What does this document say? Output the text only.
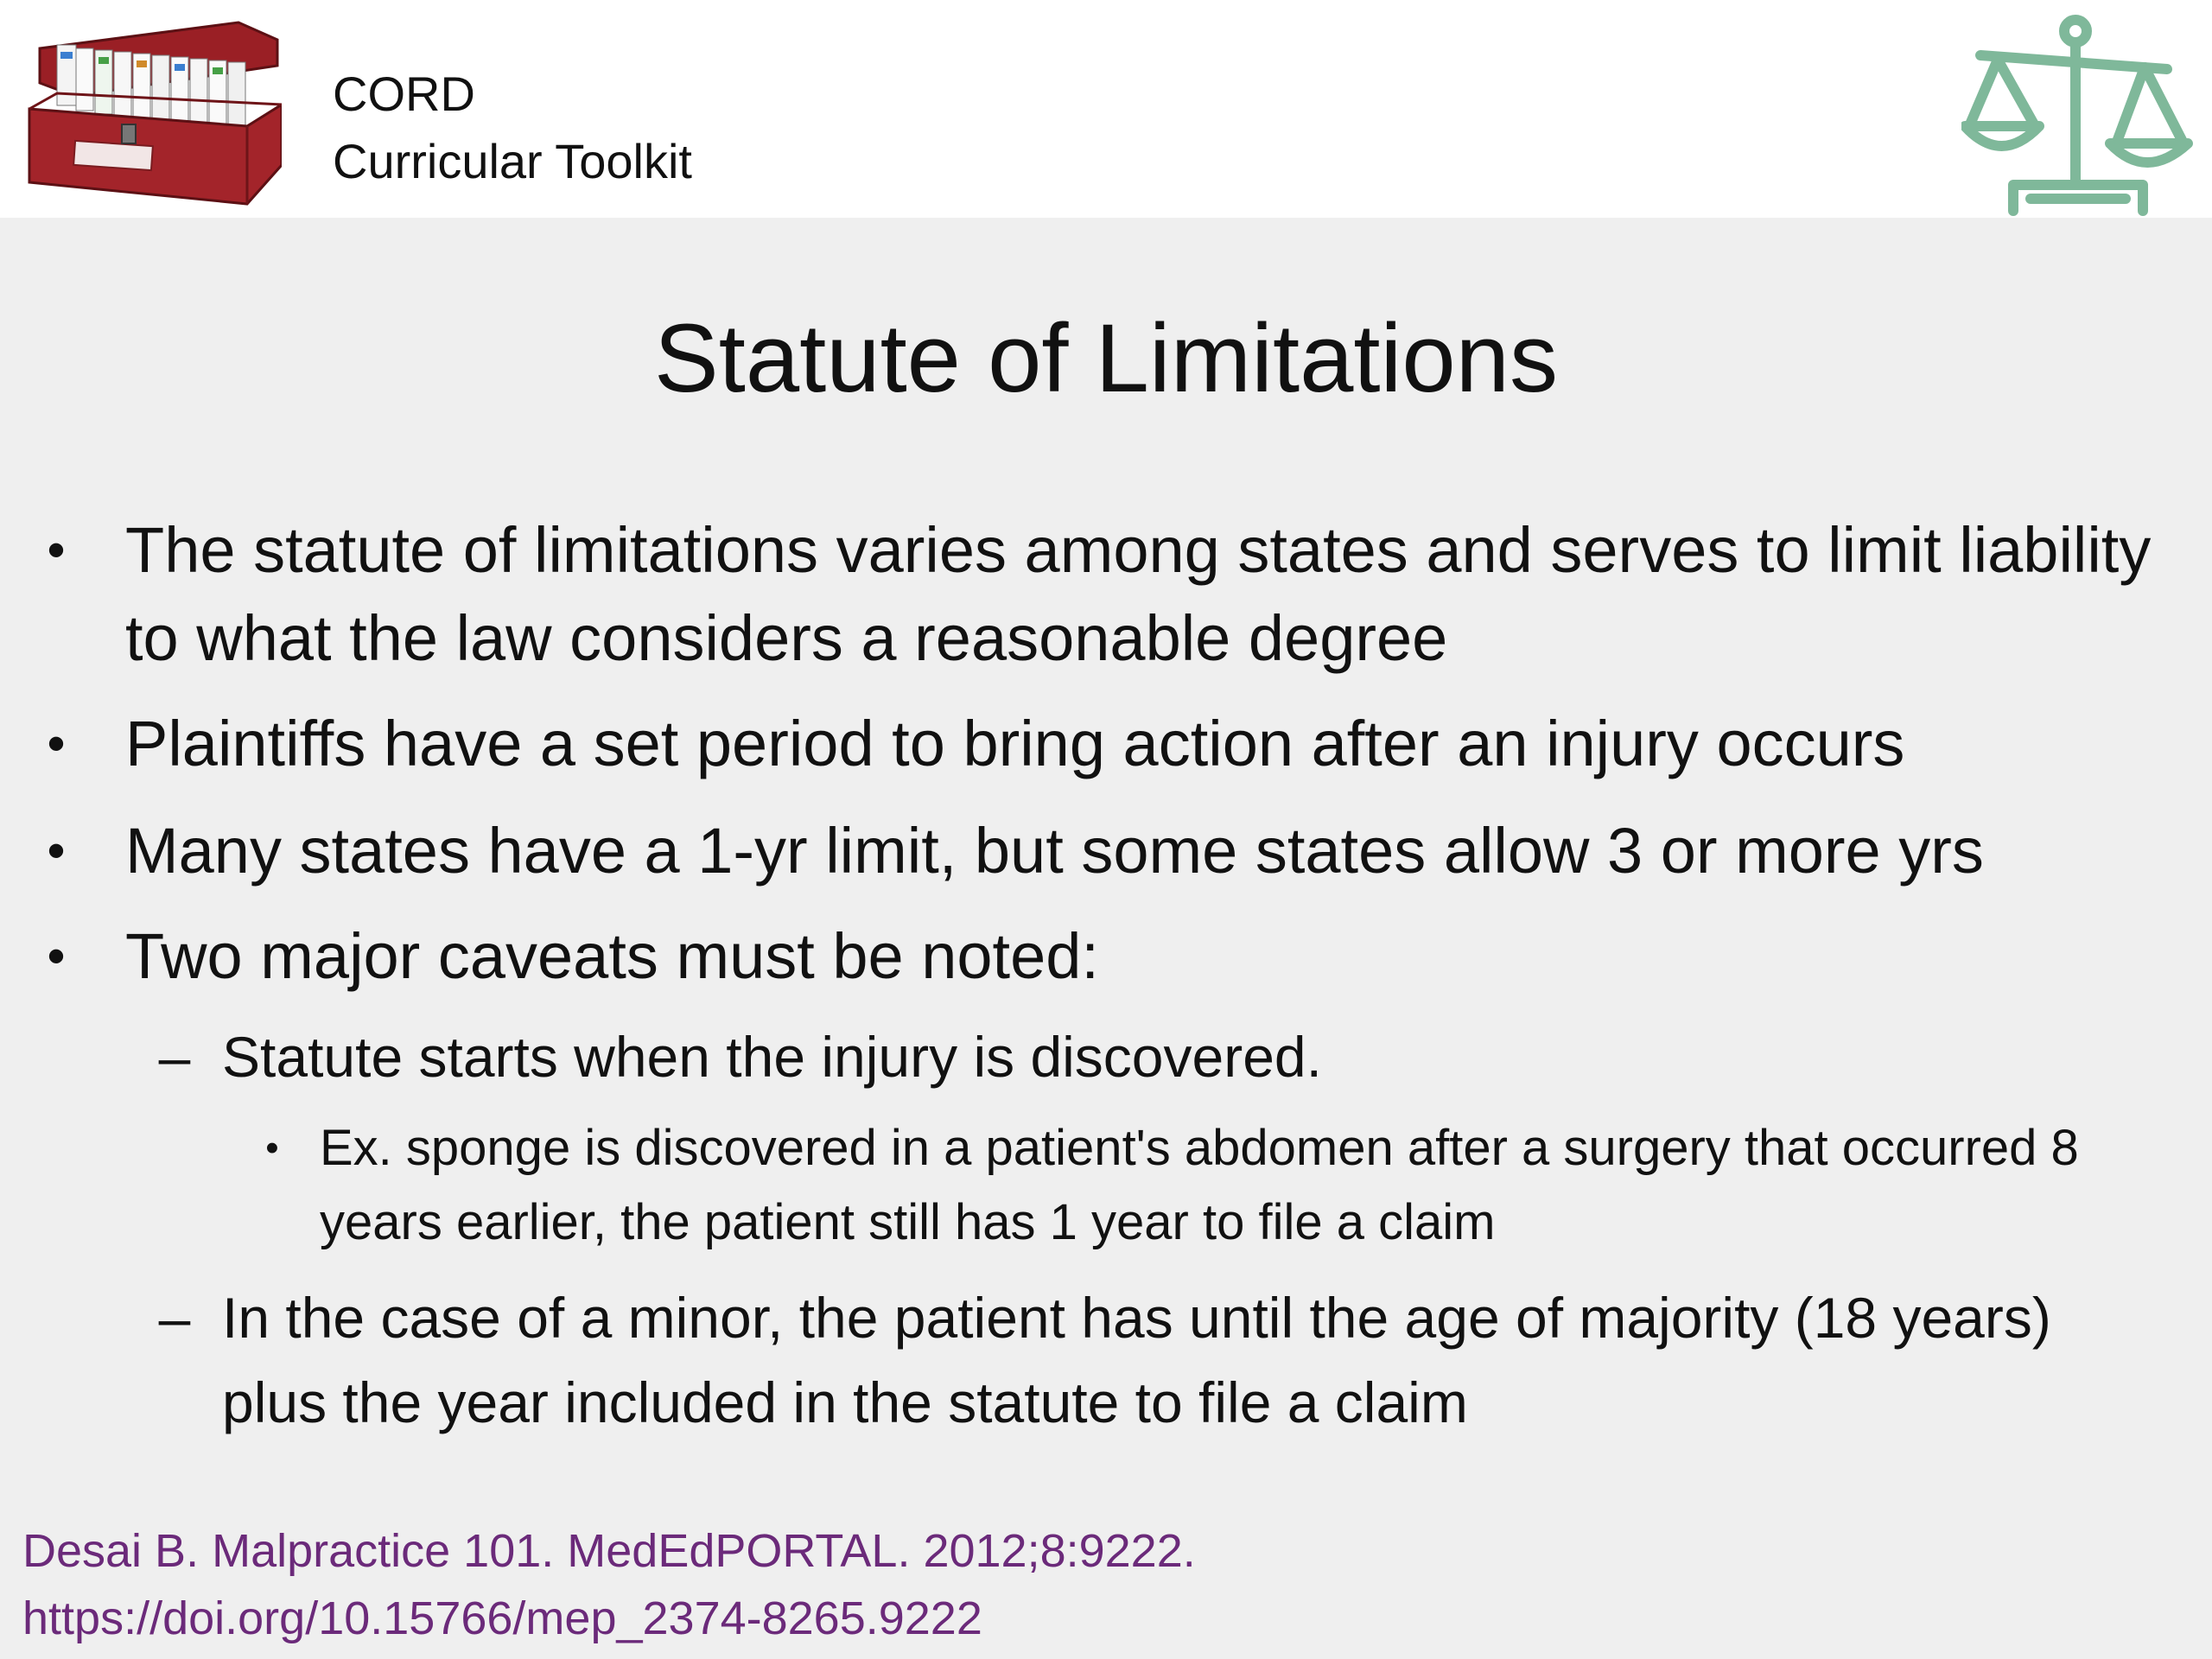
CORD
Curricular Toolkit
Statute of Limitations
• The statute of limitations varies among states and serves to limit liability to what the law considers a reasonable degree
• Plaintiffs have a set period to bring action after an injury occurs
• Many states have a 1-yr limit, but some states allow 3 or more yrs
• Two major caveats must be noted:
– Statute starts when the injury is discovered.
• Ex. sponge is discovered in a patient's abdomen after a surgery that occurred 8 years earlier, the patient still has 1 year to file a claim
– In the case of a minor, the patient has until the age of majority (18 years) plus the year included in the statute to file a claim
Desai B. Malpractice 101. MedEdPORTAL. 2012;8:9222.
https://doi.org/10.15766/mep_2374-8265.9222
